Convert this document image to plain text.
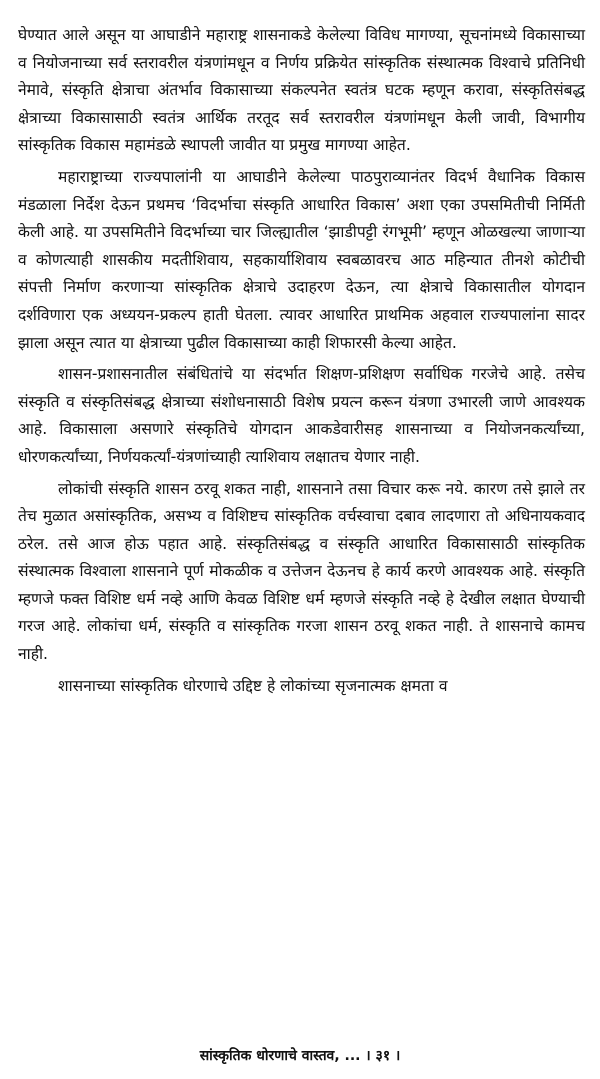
घेण्यात आले असून या आघाडीने महाराष्ट्र शासनाकडे केलेल्या विविध मागण्या, सूचनांमध्ये विकासाच्या व नियोजनाच्या सर्व स्तरावरील यंत्रणांमधून व निर्णय प्रक्रियेत सांस्कृतिक संस्थात्मक विश्वाचे प्रतिनिधी नेमावे, संस्कृति क्षेत्राचा अंतर्भाव विकासाच्या संकल्पनेत स्वतंत्र घटक म्हणून करावा, संस्कृतिसंबद्ध क्षेत्राच्या विकासासाठी स्वतंत्र आर्थिक तरतूद सर्व स्तरावरील यंत्रणांमधून केली जावी, विभागीय सांस्कृतिक विकास महामंडळे स्थापली जावीत या प्रमुख मागण्या आहेत.

महाराष्ट्राच्या राज्यपालांनी या आघाडीने केलेल्या पाठपुराव्यानंतर विदर्भ वैधानिक विकास मंडळाला निर्देश देऊन प्रथमच ‘विदर्भाचा संस्कृति आधारित विकास’ अशा एका उपसमितीची निर्मिती केली आहे. या उपसमितीने विदर्भाच्या चार जिल्ह्यातील ‘झाडीपट्टी रंगभूमी’ म्हणून ओळखल्या जाणाऱ्या व कोणत्याही शासकीय मदतीशिवाय, सहकार्याशिवाय स्वबळावरच आठ महिन्यात तीनशे कोटीची संपत्ती निर्माण करणाऱ्या सांस्कृतिक क्षेत्राचे उदाहरण देऊन, त्या क्षेत्राचे विकासातील योगदान दर्शविणारा एक अध्ययन-प्रकल्प हाती घेतला. त्यावर आधारित प्राथमिक अहवाल राज्यपालांना सादर झाला असून त्यात या क्षेत्राच्या पुढील विकासाच्या काही शिफारसी केल्या आहेत.

शासन-प्रशासनातील संबंधितांचे या संदर्भात शिक्षण-प्रशिक्षण सर्वाधिक गरजेचे आहे. तसेच संस्कृति व संस्कृतिसंबद्ध क्षेत्राच्या संशोधनासाठी विशेष प्रयत्न करून यंत्रणा उभारली जाणे आवश्यक आहे. विकासाला असणारे संस्कृतिचे योगदान आकडेवारीसह शासनाच्या व नियोजनकर्त्यांच्या, धोरणकर्त्यांच्या, निर्णयकर्त्यां-यंत्रणांच्याही त्याशिवाय लक्षातच येणार नाही.

लोकांची संस्कृति शासन ठरवू शकत नाही, शासनाने तसा विचार करू नये. कारण तसे झाले तर तेच मुळात असांस्कृतिक, असभ्य व विशिष्टच सांस्कृतिक वर्चस्वाचा दबाव लादणारा तो अधिनायकवाद ठरेल. तसे आज होऊ पहात आहे. संस्कृतिसंबद्ध व संस्कृति आधारित विकासासाठी सांस्कृतिक संस्थात्मक विश्वाला शासनाने पूर्ण मोकळीक व उत्तेजन देऊनच हे कार्य करणे आवश्यक आहे. संस्कृति म्हणजे फक्त विशिष्ट धर्म नव्हे आणि केवळ विशिष्ट धर्म म्हणजे संस्कृति नव्हे हे देखील लक्षात घेण्याची गरज आहे. लोकांचा धर्म, संस्कृति व सांस्कृतिक गरजा शासन ठरवू शकत नाही. ते शासनाचे कामच नाही.

शासनाच्या सांस्कृतिक धोरणाचे उद्दिष्ट हे लोकांच्या सृजनात्मक क्षमता व

सांस्कृतिक धोरणाचे वास्तव, ... । ३१ ।
